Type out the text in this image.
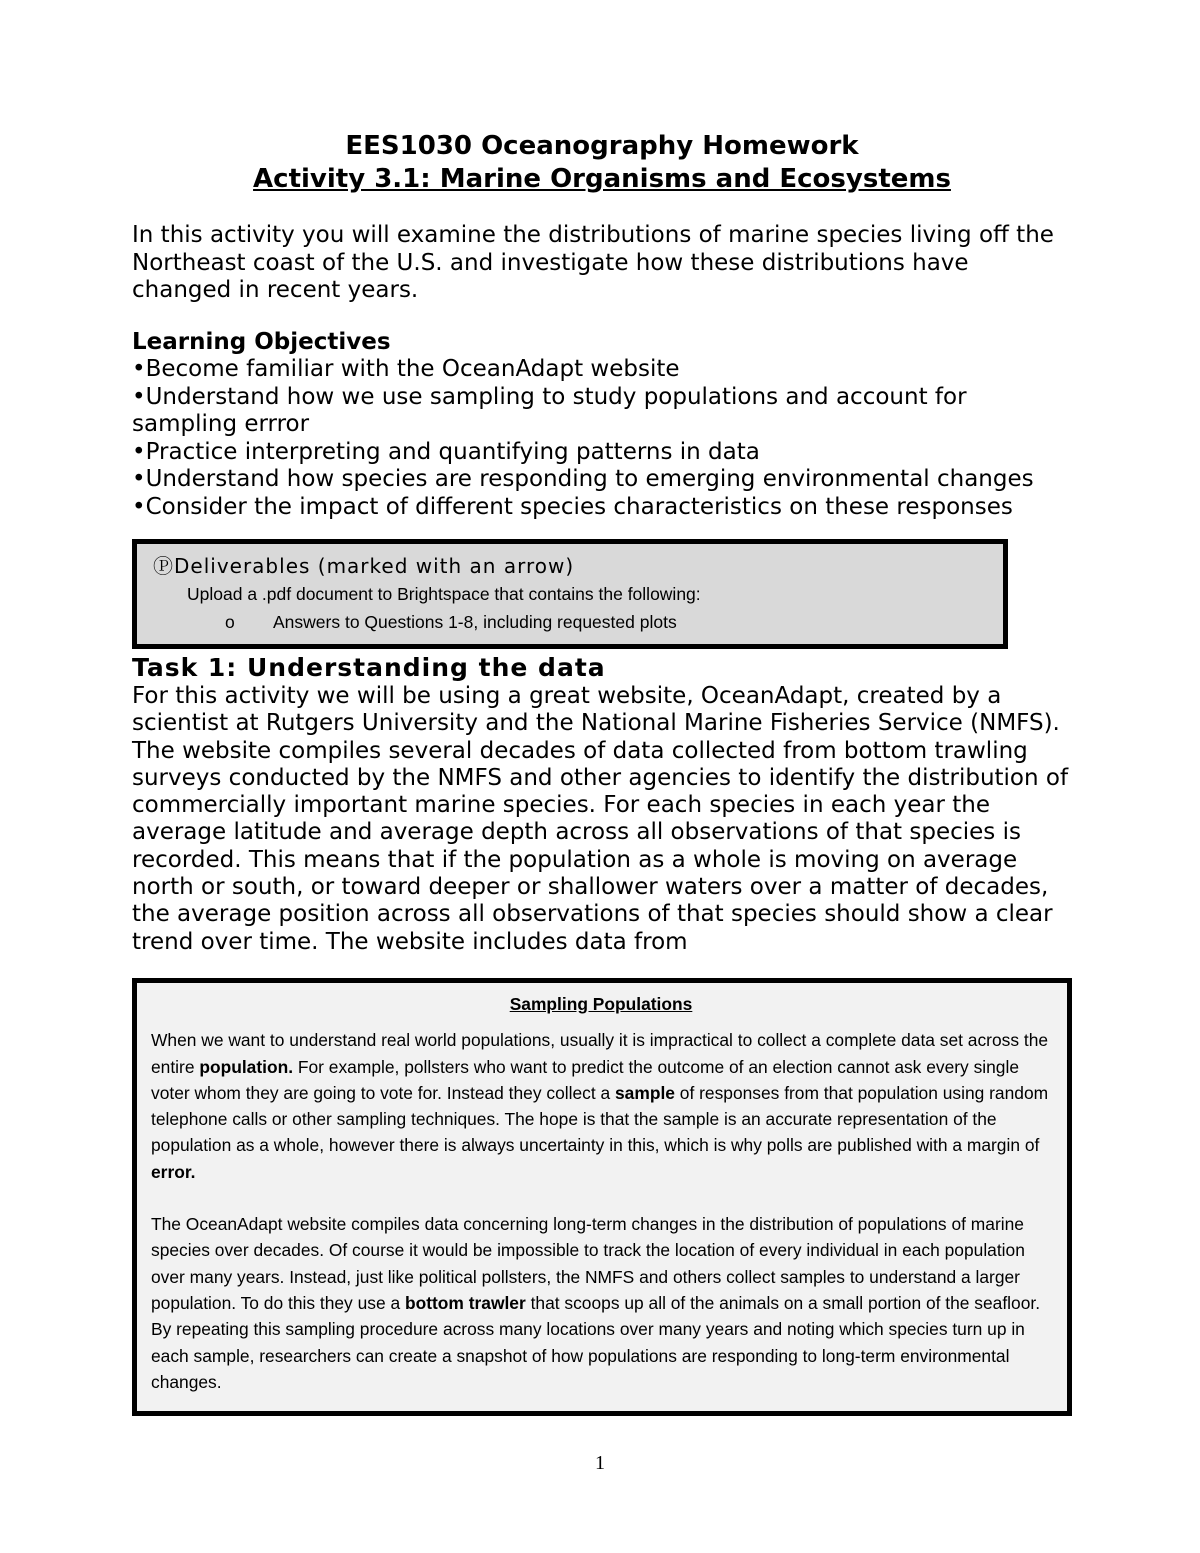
EES1030 Oceanography Homework
Activity 3.1: Marine Organisms and Ecosystems

In this activity you will examine the distributions of marine species living off the Northeast coast of the U.S. and investigate how these distributions have changed in recent years.

Learning Objectives
• Become familiar with the OceanAdapt website
• Understand how we use sampling to study populations and account for sampling errror
• Practice interpreting and quantifying patterns in data
• Understand how species are responding to emerging environmental changes
• Consider the impact of different species characteristics on these responses
ⓅDeliverables (marked with an arrow)
Upload a .pdf document to Brightspace that contains the following:
o	Answers to Questions 1-8, including requested plots
Task 1: Understanding the data

For this activity we will be using a great website, OceanAdapt, created by a scientist at Rutgers University and the National Marine Fisheries Service (NMFS). The website compiles several decades of data collected from bottom trawling surveys conducted by the NMFS and other agencies to identify the distribution of commercially important marine species. For each species in each year the average latitude and average depth across all observations of that species is recorded. This means that if the population as a whole is moving on average north or south, or toward deeper or shallower waters over a matter of decades, the average position across all observations of that species should show a clear trend over time. The website includes data from

Sampling Populations

When we want to understand real world populations, usually it is impractical to collect a complete data set across the entire population. For example, pollsters who want to predict the outcome of an election cannot ask every single voter whom they are going to vote for. Instead they collect a sample of responses from that population using random telephone calls or other sampling techniques. The hope is that the sample is an accurate representation of the population as a whole, however there is always uncertainty in this, which is why polls are published with a margin of error.

The OceanAdapt website compiles data concerning long-term changes in the distribution of populations of marine species over decades. Of course it would be impossible to track the location of every individual in each population over many years. Instead, just like political pollsters, the NMFS and others collect samples to understand a larger population. To do this they use a bottom trawler that scoops up all of the animals on a small portion of the seafloor. By repeating this sampling procedure across many locations over many years and noting which species turn up in each sample, researchers can create a snapshot of how populations are responding to long-term environmental changes.

1
